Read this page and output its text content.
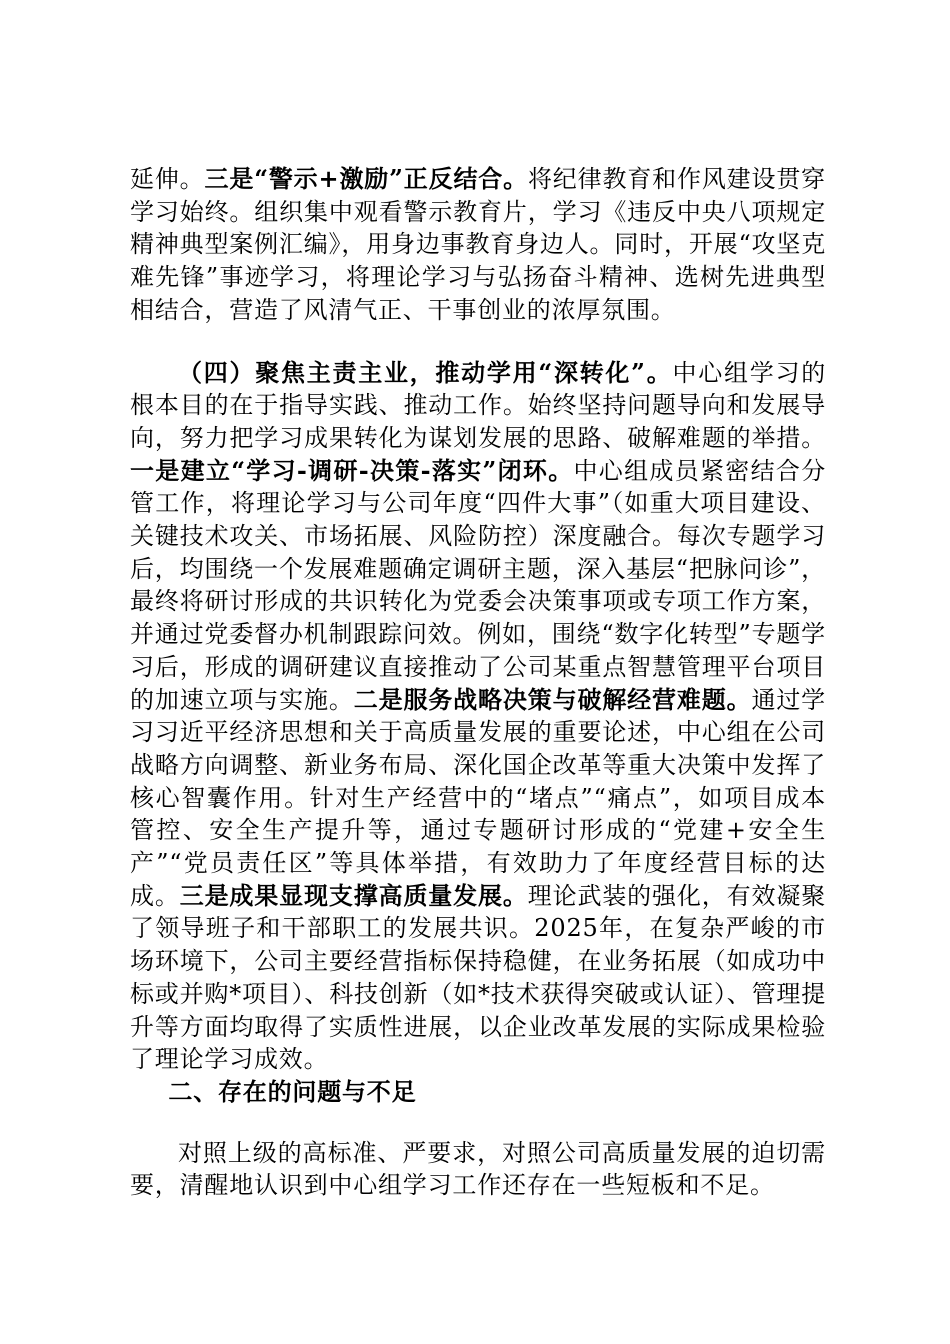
延伸。三是“警示+激励”正反结合。将纪律教育和作风建设贯穿学习始终。组织集中观看警示教育片，学习《违反中央八项规定精神典型案例汇编》，用身边事教育身边人。同时，开展“攻坚克难先锋”事迹学习，将理论学习与弘扬奋斗精神、选树先进典型相结合，营造了风清气正、干事创业的浓厚氛围。

（四）聚焦主责主业，推动学用“深转化”。中心组学习的根本目的在于指导实践、推动工作。始终坚持问题导向和发展导向，努力把学习成果转化为谋划发展的思路、破解难题的举措。一是建立“学习-调研-决策-落实”闭环。中心组成员紧密结合分管工作，将理论学习与公司年度“四件大事”（如重大项目建设、关键技术攻关、市场拓展、风险防控）深度融合。每次专题学习后，均围绕一个发展难题确定调研主题，深入基层“把脉问诊”，最终将研讨形成的共识转化为党委会决策事项或专项工作方案，并通过党委督办机制跟踪问效。例如，围绕“数字化转型”专题学习后，形成的调研建议直接推动了公司某重点智慧管理平台项目的加速立项与实施。二是服务战略决策与破解经营难题。通过学习习近平经济思想和关于高质量发展的重要论述，中心组在公司战略方向调整、新业务布局、深化国企改革等重大决策中发挥了核心智囊作用。针对生产经营中的“堵点”“痛点”，如项目成本管控、安全生产提升等，通过专题研讨形成的“党建+安全生产”“党员责任区”等具体举措，有效助力了年度经营目标的达成。三是成果显现支撑高质量发展。理论武装的强化，有效凝聚了领导班子和干部职工的发展共识。2025年，在复杂严峻的市场环境下，公司主要经营指标保持稳健，在业务拓展（如成功中标或并购*项目）、科技创新（如*技术获得突破或认证）、管理提升等方面均取得了实质性进展，以企业改革发展的实际成果检验了理论学习成效。

二、存在的问题与不足

对照上级的高标准、严要求，对照公司高质量发展的迫切需要，清醒地认识到中心组学习工作还存在一些短板和不足。
